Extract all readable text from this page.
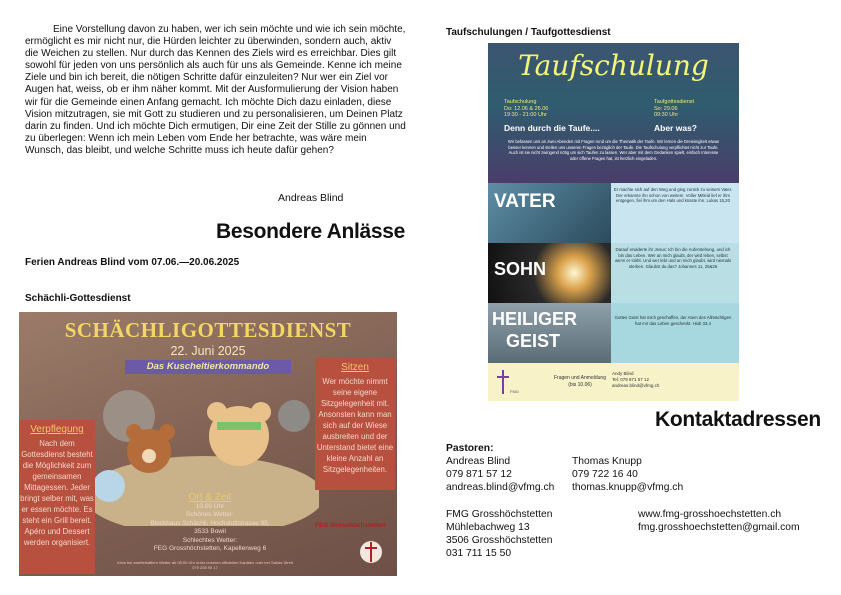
Eine Vorstellung davon zu haben, wer ich sein möchte und wie ich sein möchte, ermöglicht es mir nicht nur, die Hürden leichter zu überwinden, sondern auch, aktiv die Weichen zu stellen. Nur durch das Kennen des Ziels wird es erreichbar. Dies gilt sowohl für jeden von uns persönlich als auch für uns als Gemeinde. Kenne ich meine Ziele und bin ich bereit, die nötigen Schritte dafür einzuleiten? Nur wer ein Ziel vor Augen hat, weiss, ob er ihm näher kommt. Mit der Ausformulierung der Vision haben wir für die Gemeinde einen Anfang gemacht. Ich möchte Dich dazu einladen, diese Vision mitzutragen, sie mit Gott zu studieren und zu personalisieren, um Deinen Platz darin zu finden. Und ich möchte Dich ermutigen, Dir eine Zeit der Stille zu gönnen und zu überlegen: Wenn ich mein Leben vom Ende her betrachte, was wäre mein Wunsch, das bleibt, und welche Schritte muss ich heute dafür gehen?

Andreas Blind
Besondere Anlässe
Ferien Andreas Blind vom 07.06.—20.06.2025
Schächli-Gottesdienst
SCHÄCHLIGOTTESDIENST
22. Juni 2025
Das Kuscheltierkommando
Verpflegung
Nach dem Gottesdienst besteht die Möglichkeit zum gemeinsamen Mittagessen. Jeder bringt selber mit, was er essen möchte. Es steht ein Grill bereit. Apéro und Dessert werden organisiert.
Sitzen
Wer möchte nimmt seine eigene Sitzgelegenheit mit. Ansonsten kann man sich auf der Wiese ausbreiten und der Unterstand bietet eine kleine Anzahl an Sitzgelegenheiten.
Ort & Zeit
10.00 Uhr
Schönes Wetter:
Blockhaus Schächli, Hochstuttstrasse 95, 3533 Bowil
Schlechtes Wetter:
FEG Grosshöchstetten, Kapellenweg 6
Infos bei zweifelhaftem Wetter ab 08:00 Uhr unter unseren offiziellen Kanälen oder bei Tobias Streit 079 208 95 17
FEG Grosshöchstetten
Taufschulungen / Taufgottesdienst
Taufschulung
Taufschulung
Do: 12.06 & 26.06
19:30 - 21:00 Uhr
Taufgottesdienst
So: 29.06
09:30 Uhr
Denn durch die Taufe....	Aber was?
Wir befassen uns an zwei Abenden mit Fragen rund um die Thematik der Taufe. Wir lernen die Dreieinigkeit etwas besser kennen und stellen uns unseren Fragen bezüglich der Taufe. Die Taufschulung verpflichtet nicht zur Taufe. Auch ist sie nicht zwingend nötig um sich Taufen zu lassen. Wer aber mit dem Gedanken spielt, einfach Interesse oder offene Fragen hat, ist herzlich eingeladen.
VATER
Er machte sich auf den Weg und ging zurück zu seinem Vater. Der erkannte ihn schon von weitem. Voller Mitleid lief er ihm entgegen, fiel ihm um den Hals und küsste ihn. Lukas 15,20
SOHN
Darauf erwiderte ihr Jesus: Ich bin die Auferstehung, und ich bin das Leben. Wer an mich glaubt, der wird leben, selbst wenn er stirbt. Und wer lebt und an mich glaubt, wird niemals sterben. Glaubst du das? Johannes 11, 25&26
HEILIGER
GEIST
Gottes Geist hat mich geschaffen, der Atem des Allmächtigen hat mir das Leben geschenkt. Hiob 33,4
FMG
Fragen und Anmeldung (bis 10.06)
Andy Blind
Tel: 079 871 57 12
andreas.blind@vfmg.ch
Kontaktadressen
Pastoren:
Andreas Blind
079 871 57 12
andreas.blind@vfmg.ch
Thomas Knupp
079 722 16 40
thomas.knupp@vfmg.ch
FMG Grosshöchstetten
Mühlebachweg 13
3506 Grosshöchstetten
031 711 15 50
www.fmg-grosshoechstetten.ch
fmg.grosshoechstetten@gmail.com
